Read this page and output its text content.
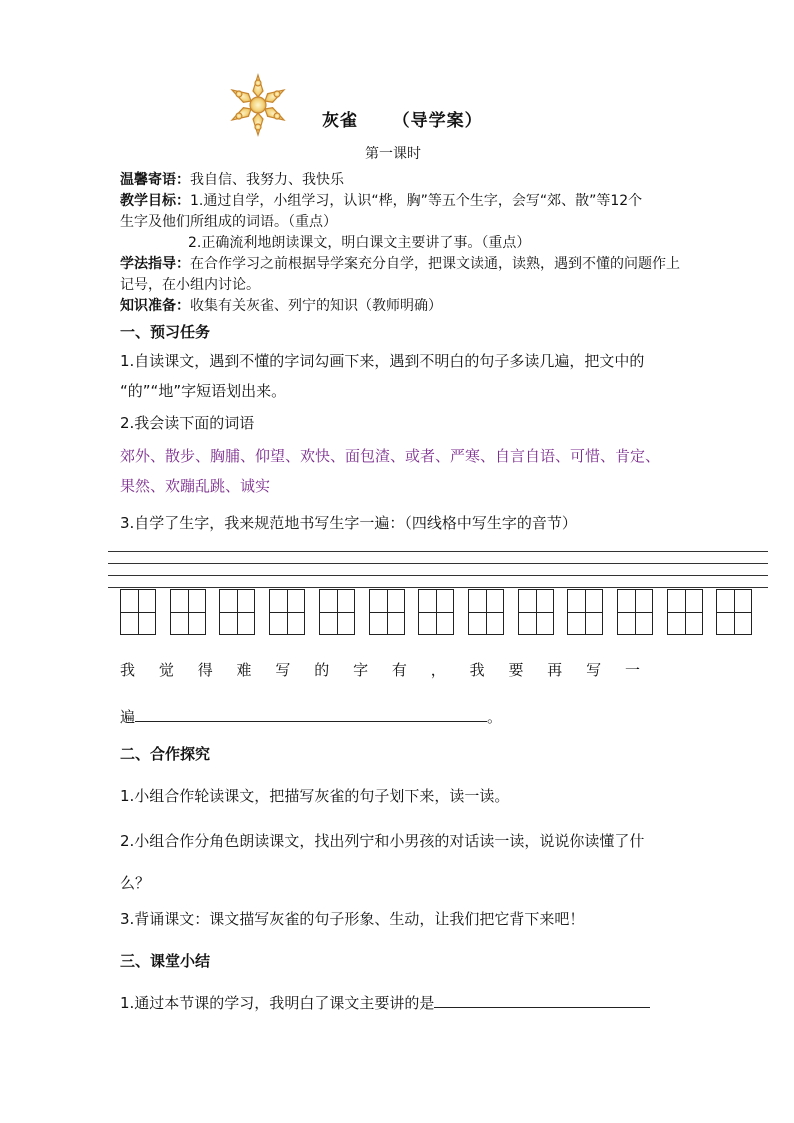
灰雀 （导学案）
第一课时
温馨寄语：我自信、我努力、我快乐
教学目标：1.通过自学，小组学习，认识“桦，胸”等五个生字，会写“郊、散”等12个
生字及他们所组成的词语。（重点）
2.正确流利地朗读课文，明白课文主要讲了事。（重点）
学法指导：在合作学习之前根据导学案充分自学，把课文读通，读熟，遇到不懂的问题作上
记号，在小组内讨论。
知识准备：收集有关灰雀、列宁的知识（教师明确）
一、预习任务
1.自读课文，遇到不懂的字词勾画下来，遇到不明白的句子多读几遍，把文中的
“的”“地”字短语划出来。
2.我会读下面的词语
郊外、散步、胸脯、仰望、欢快、面包渣、或者、严寒、自言自语、可惜、肯定、
果然、欢蹦乱跳、诚实
3.自学了生字，我来规范地书写生字一遍：（四线格中写生字的音节）
我 觉 得 难 写 的 字 有 ， 我 要 再 写 一
遍	。
二、合作探究
1.小组合作轮读课文，把描写灰雀的句子划下来，读一读。
2.小组合作分角色朗读课文，找出列宁和小男孩的对话读一读，说说你读懂了什
么？
3.背诵课文：课文描写灰雀的句子形象、生动，让我们把它背下来吧！
三、课堂小结
1.通过本节课的学习，我明白了课文主要讲的是
